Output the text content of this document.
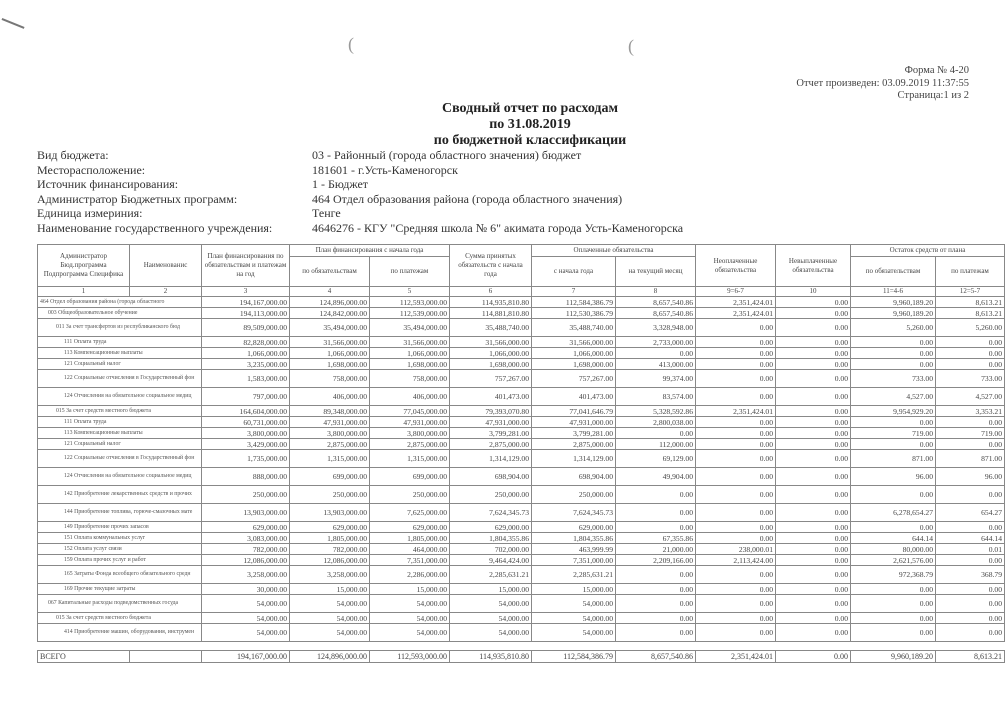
(	(
Форма № 4-20
Отчет произведен: 03.09.2019 11:37:55
Страница:1 из 2
Сводный отчет по расходам
по 31.08.2019
по бюджетной классификации
Вид бюджета:	03 - Районный (города областного значения) бюджет
Месторасположение:	181601 - г.Усть-Каменогорск
Источник финансирования:	1 - Бюджет
Администратор Бюджетных программ:	464 Отдел образования района (города областного значения)
Единица измериния:	Тенге
Наименование государственного учреждения:	4646276 - КГУ "Средняя школа № 6" акимата города Усть-Каменогорска
Администратор Бюд.программа Подпрограмма Специфика	Наименованис	План финансирования по обязательствам и платежам на год	План финансирования с начала года		Сумма принятых обязательств с начала года	Оплаченные обязательства		Неоплаченные обязательства	Невыплаченные обязательства	Остаток средств от плана	
			по обязательствам	по платежам		с начала года	на текущий месяц			по обязательствам	по платежам
1	2	3	4	5	6	7	8	9=6-7	10	11=4-6	12=5-7
464 Отдел образования района (города областного		194,167,000.00	124,896,000.00	112,593,000.00	114,935,810.80	112,584,386.79	8,657,540.86	2,351,424.01	0.00	9,960,189.20	8,613.21
003 Общеобразовательное обучение		194,113,000.00	124,842,000.00	112,539,000.00	114,881,810.80	112,530,386.79	8,657,540.86	2,351,424.01	0.00	9,960,189.20	8,613.21
011 За счет трансфертов из республиканского бюд		89,509,000.00	35,494,000.00	35,494,000.00	35,488,740.00	35,488,740.00	3,328,948.00	0.00	0.00	5,260.00	5,260.00
111 Оплата труда		82,828,000.00	31,566,000.00	31,566,000.00	31,566,000.00	31,566,000.00	2,733,000.00	0.00	0.00	0.00	0.00
113 Компенсационные выплаты		1,066,000.00	1,066,000.00	1,066,000.00	1,066,000.00	1,066,000.00	0.00	0.00	0.00	0.00	0.00
121 Социальный налог		3,235,000.00	1,698,000.00	1,698,000.00	1,698,000.00	1,698,000.00	413,000.00	0.00	0.00	0.00	0.00
122 Социальные отчисления в Государственный фон		1,583,000.00	758,000.00	758,000.00	757,267.00	757,267.00	99,374.00	0.00	0.00	733.00	733.00
124 Отчисления на обязательное социальное медиц		797,000.00	406,000.00	406,000.00	401,473.00	401,473.00	83,574.00	0.00	0.00	4,527.00	4,527.00
015 За счет средств местного бюджета		164,604,000.00	89,348,000.00	77,045,000.00	79,393,070.80	77,041,646.79	5,328,592.86	2,351,424.01	0.00	9,954,929.20	3,353.21
111 Оплата труда		60,731,000.00	47,931,000.00	47,931,000.00	47,931,000.00	47,931,000.00	2,800,038.00	0.00	0.00	0.00	0.00
113 Компенсационные выплаты		3,800,000.00	3,800,000.00	3,800,000.00	3,799,281.00	3,799,281.00	0.00	0.00	0.00	719.00	719.00
121 Социальный налог		3,429,000.00	2,875,000.00	2,875,000.00	2,875,000.00	2,875,000.00	112,000.00	0.00	0.00	0.00	0.00
122 Социальные отчисления в Государственный фон		1,735,000.00	1,315,000.00	1,315,000.00	1,314,129.00	1,314,129.00	69,129.00	0.00	0.00	871.00	871.00
124 Отчисления на обязательное социальное медиц		888,000.00	699,000.00	699,000.00	698,904.00	698,904.00	49,904.00	0.00	0.00	96.00	96.00
142 Приобретение лекарственных средств и прочих		250,000.00	250,000.00	250,000.00	250,000.00	250,000.00	0.00	0.00	0.00	0.00	0.00
144 Приобретение топлива, горюче-смазочных мате		13,903,000.00	13,903,000.00	7,625,000.00	7,624,345.73	7,624,345.73	0.00	0.00	0.00	6,278,654.27	654.27
149 Приобретение прочих запасов		629,000.00	629,000.00	629,000.00	629,000.00	629,000.00	0.00	0.00	0.00	0.00	0.00
151 Оплата коммунальных услуг		3,083,000.00	1,805,000.00	1,805,000.00	1,804,355.86	1,804,355.86	67,355.86	0.00	0.00	644.14	644.14
152 Оплата услуг связи		782,000.00	782,000.00	464,000.00	702,000.00	463,999.99	21,000.00	238,000.01	0.00	80,000.00	0.01
159 Оплата прочих услуг и работ		12,086,000.00	12,086,000.00	7,351,000.00	9,464,424.00	7,351,000.00	2,209,166.00	2,113,424.00	0.00	2,621,576.00	0.00
165 Затраты Фонда всеобщего обязательного средн		3,258,000.00	3,258,000.00	2,286,000.00	2,285,631.21	2,285,631.21	0.00	0.00	0.00	972,368.79	368.79
169 Прочие текущие затраты		30,000.00	15,000.00	15,000.00	15,000.00	15,000.00	0.00	0.00	0.00	0.00	0.00
067 Капитальные расходы подведомственных госуда		54,000.00	54,000.00	54,000.00	54,000.00	54,000.00	0.00	0.00	0.00	0.00	0.00
015 За счет средств местного бюджета		54,000.00	54,000.00	54,000.00	54,000.00	54,000.00	0.00	0.00	0.00	0.00	0.00
414 Приобретение машин, оборудования, инструмен		54,000.00	54,000.00	54,000.00	54,000.00	54,000.00	0.00	0.00	0.00	0.00	0.00

ВСЕГО		194,167,000.00	124,896,000.00	112,593,000.00	114,935,810.80	112,584,386.79	8,657,540.86	2,351,424.01	0.00	9,960,189.20	8,613.21
